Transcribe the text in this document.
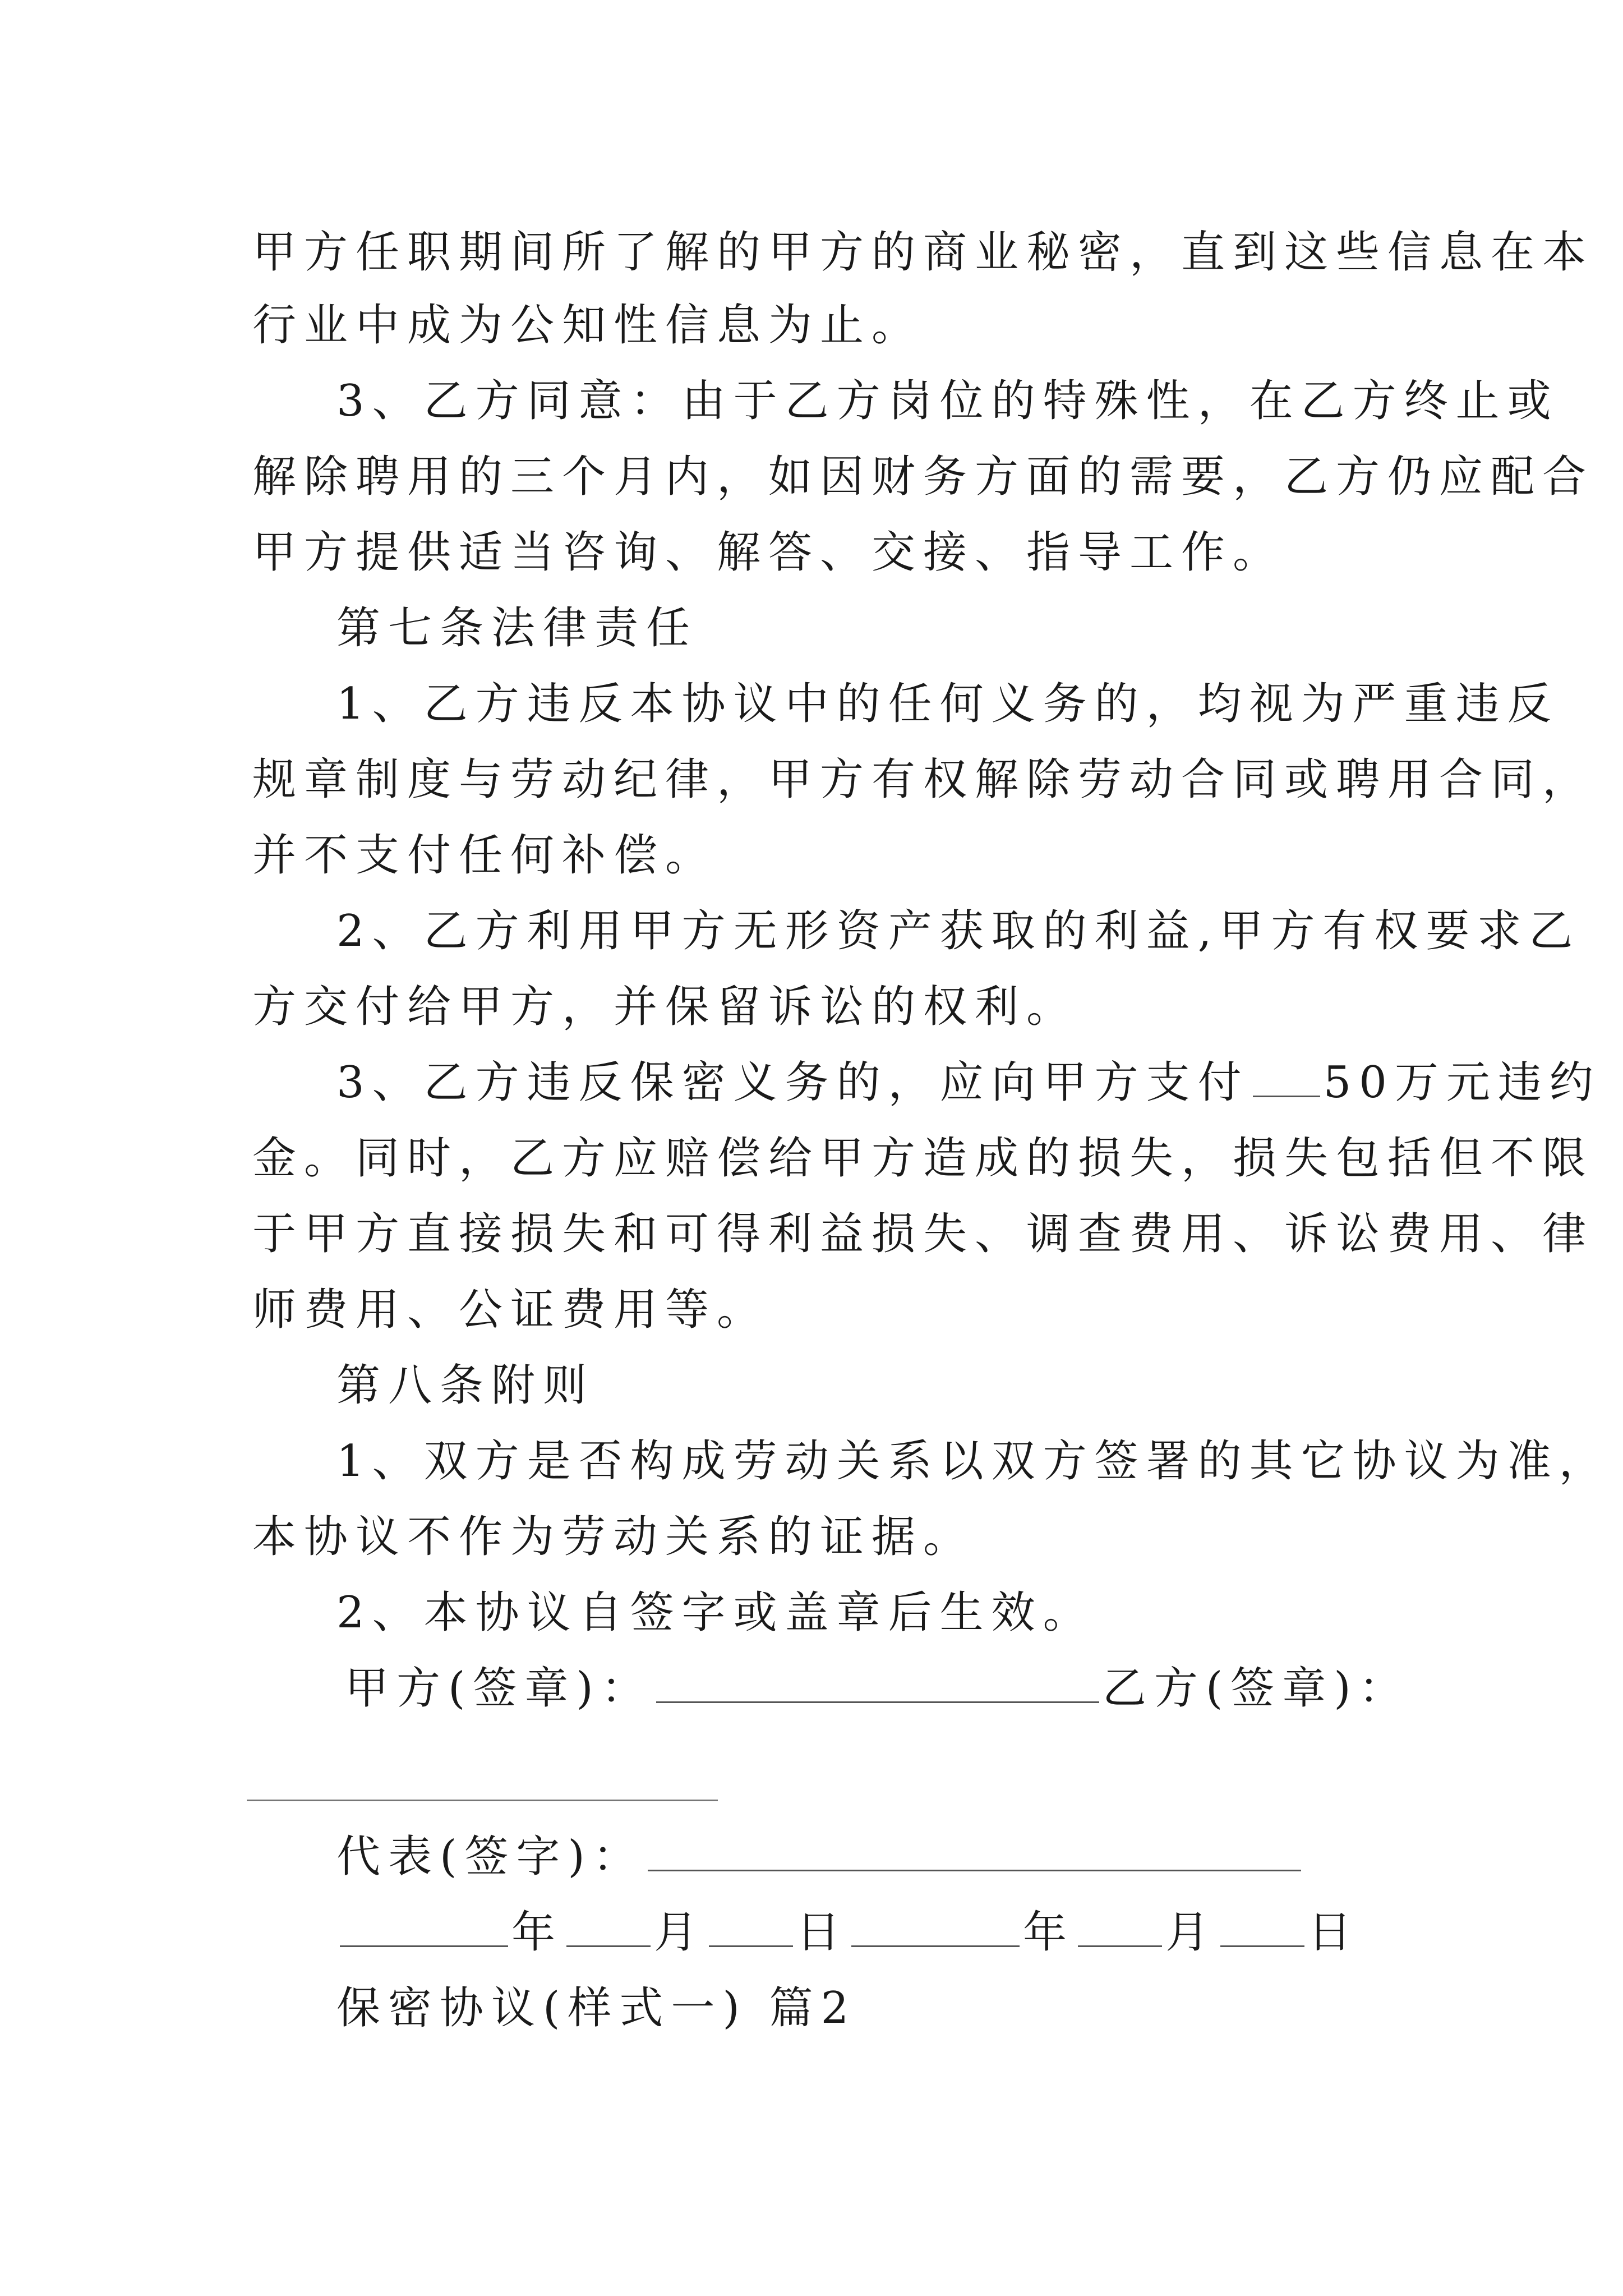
甲方任职期间所了解的甲方的商业秘密，直到这些信息在本
行业中成为公知性信息为止。
3、乙方同意：由于乙方岗位的特殊性，在乙方终止或
解除聘用的三个月内，如因财务方面的需要，乙方仍应配合
甲方提供适当咨询、解答、交接、指导工作。
第七条法律责任
1、乙方违反本协议中的任何义务的，均视为严重违反
规章制度与劳动纪律，甲方有权解除劳动合同或聘用合同，
并不支付任何补偿。
2、乙方利用甲方无形资产获取的利益,甲方有权要求乙
方交付给甲方，并保留诉讼的权利。
3、乙方违反保密义务的，应向甲方支付 50万元违约
金。同时，乙方应赔偿给甲方造成的损失，损失包括但不限
于甲方直接损失和可得利益损失、调查费用、诉讼费用、律
师费用、公证费用等。
第八条附则
1、双方是否构成劳动关系以双方签署的其它协议为准，
本协议不作为劳动关系的证据。
2、本协议自签字或盖章后生效。
甲方(签章)：	乙方(签章)：
代表(签字)：
年 月 日	年 月 日
保密协议(样式一) 篇2
